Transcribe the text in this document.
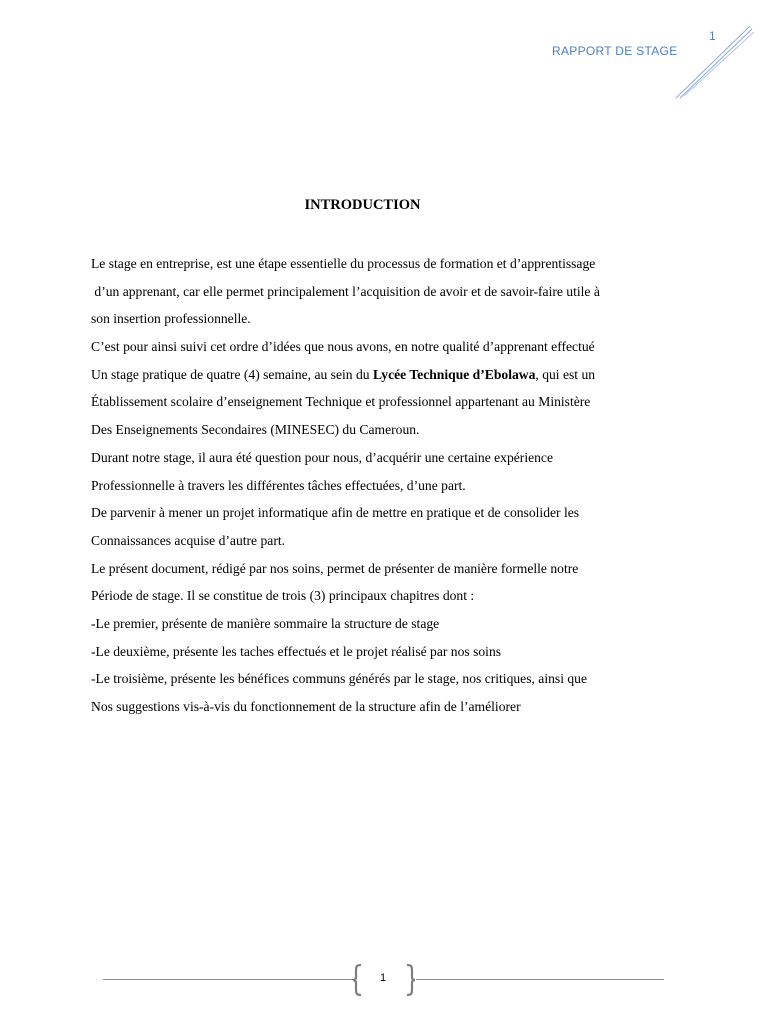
1
RAPPORT DE STAGE
INTRODUCTION
Le stage en entreprise, est une étape essentielle du processus de formation et d’apprentissage
d’un apprenant, car elle permet principalement l’acquisition de avoir et de savoir-faire utile à
son insertion professionnelle.
C’est pour ainsi suivi cet ordre d’idées que nous avons, en notre qualité d’apprenant effectué
Un stage pratique de quatre (4) semaine, au sein du Lycée Technique d’Ebolawa, qui est un
Établissement scolaire d’enseignement Technique et professionnel appartenant au Ministère
Des Enseignements Secondaires (MINESEC) du Cameroun.
Durant notre stage, il aura été question pour nous, d’acquérir une certaine expérience
Professionnelle à travers les différentes tâches effectuées, d’une part.
De parvenir à mener un projet informatique afin de mettre en pratique et de consolider les
Connaissances acquise d’autre part.
Le présent document, rédigé par nos soins, permet de présenter de manière formelle notre
Période de stage. Il se constitue de trois (3) principaux chapitres dont :
-Le premier, présente de manière sommaire la structure de stage
-Le deuxième, présente les taches effectués et le projet réalisé par nos soins
-Le troisième, présente les bénéfices communs générés par le stage, nos critiques, ainsi que
Nos suggestions vis-à-vis du fonctionnement de la structure afin de l’améliorer
1
